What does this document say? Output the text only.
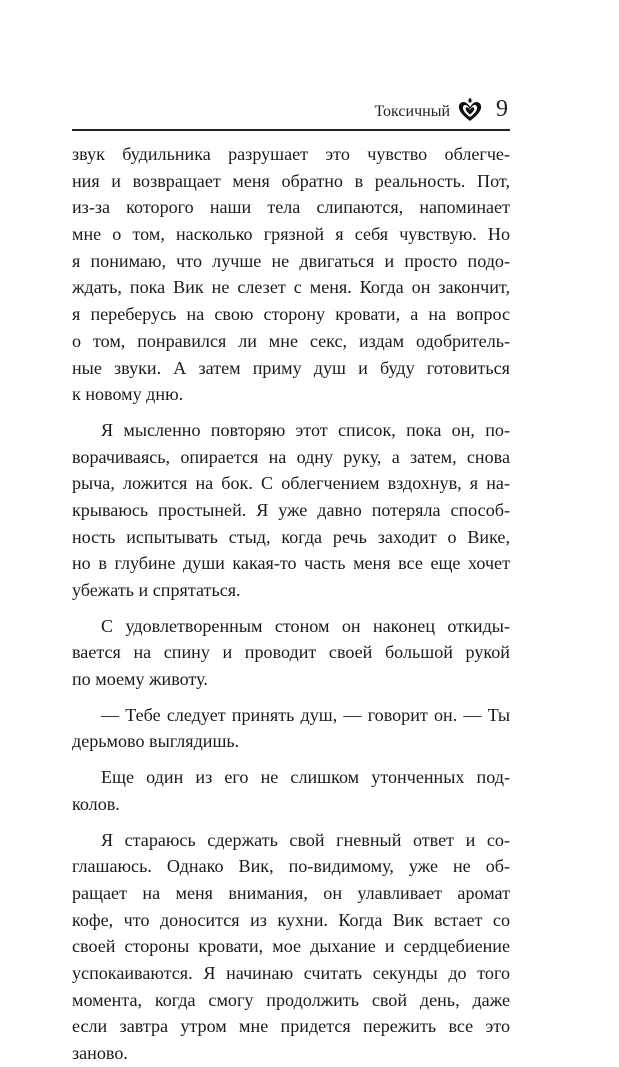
Токсичный 9
звук будильника разрушает это чувство облегче-
ния и возвращает меня обратно в реальность. Пот,
из-за которого наши тела слипаются, напоминает
мне о том, насколько грязной я себя чувствую. Но
я понимаю, что лучше не двигаться и просто подо-
ждать, пока Вик не слезет с меня. Когда он закончит,
я переберусь на свою сторону кровати, а на вопрос
о том, понравился ли мне секс, издам одобритель-
ные звуки. А затем приму душ и буду готовиться
к новому дню.
Я мысленно повторяю этот список, пока он, по-
ворачиваясь, опирается на одну руку, а затем, снова
рыча, ложится на бок. С облегчением вздохнув, я на-
крываюсь простыней. Я уже давно потеряла способ-
ность испытывать стыд, когда речь заходит о Вике,
но в глубине души какая-то часть меня все еще хочет
убежать и спрятаться.
С удовлетворенным стоном он наконец откиды-
вается на спину и проводит своей большой рукой
по моему животу.
— Тебе следует принять душ, — говорит он. — Ты
дерьмово выглядишь.
Еще один из его не слишком утонченных под-
колов.
Я стараюсь сдержать свой гневный ответ и со-
глашаюсь. Однако Вик, по-видимому, уже не об-
ращает на меня внимания, он улавливает аромат
кофе, что доносится из кухни. Когда Вик встает со
своей стороны кровати, мое дыхание и сердцебиение
успокаиваются. Я начинаю считать секунды до того
момента, когда смогу продолжить свой день, даже
если завтра утром мне придется пережить все это
заново.
